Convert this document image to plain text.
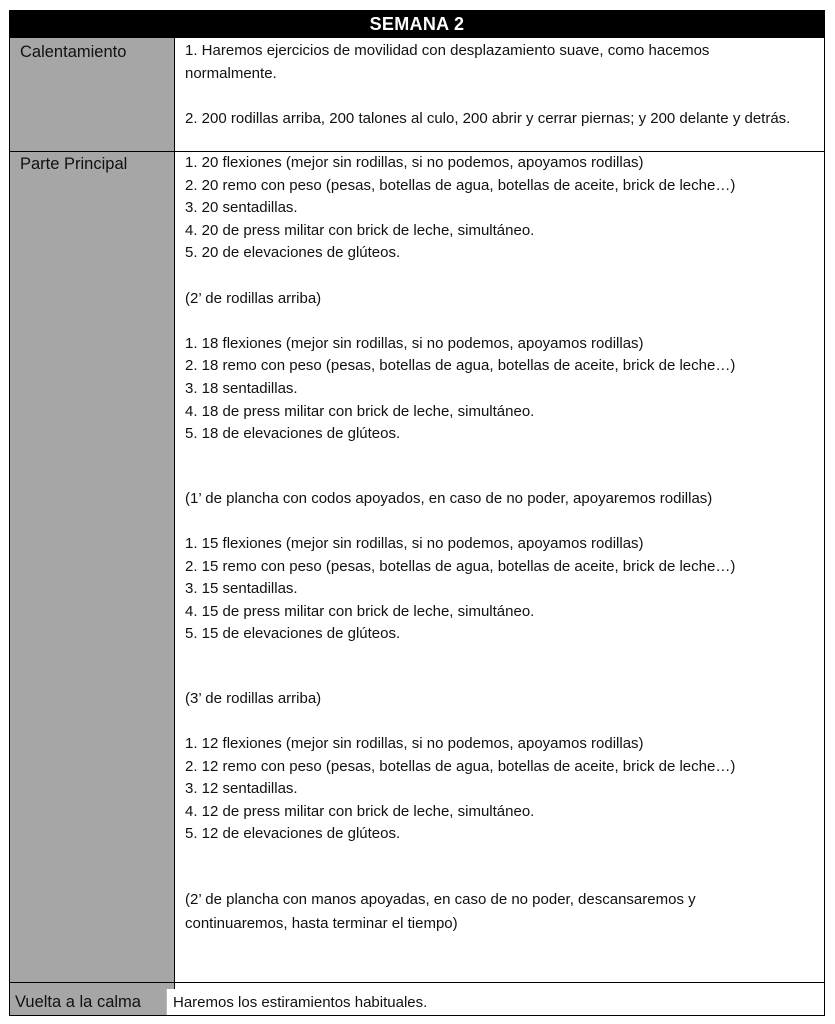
SEMANA 2
Calentamiento	1. Haremos ejercicios de movilidad con desplazamiento suave, como hacemos normalmente.
2. 200 rodillas arriba, 200 talones al culo, 200 abrir y cerrar piernas; y 200 delante y detrás.
Parte Principal	1. 20 flexiones (mejor sin rodillas, si no podemos, apoyamos rodillas)
2. 20 remo con peso (pesas, botellas de agua, botellas de aceite, brick de leche…)
3. 20 sentadillas.
4. 20 de press militar con brick de leche, simultáneo.
5. 20 de elevaciones de glúteos.
(2’ de rodillas arriba)
1. 18 flexiones (mejor sin rodillas, si no podemos, apoyamos rodillas)
2. 18 remo con peso (pesas, botellas de agua, botellas de aceite, brick de leche…)
3. 18 sentadillas.
4. 18 de press militar con brick de leche, simultáneo.
5. 18 de elevaciones de glúteos.
(1’ de plancha con codos apoyados, en caso de no poder, apoyaremos rodillas)
1. 15 flexiones (mejor sin rodillas, si no podemos, apoyamos rodillas)
2. 15 remo con peso (pesas, botellas de agua, botellas de aceite, brick de leche…)
3. 15 sentadillas.
4. 15 de press militar con brick de leche, simultáneo.
5. 15 de elevaciones de glúteos.
(3’ de rodillas arriba)
1. 12 flexiones (mejor sin rodillas, si no podemos, apoyamos rodillas)
2. 12 remo con peso (pesas, botellas de agua, botellas de aceite, brick de leche…)
3. 12 sentadillas.
4. 12 de press militar con brick de leche, simultáneo.
5. 12 de elevaciones de glúteos.
(2’ de plancha con manos apoyadas, en caso de no poder, descansaremos y continuaremos, hasta terminar el tiempo)
Vuelta a la calma Haremos los estiramientos habituales.
